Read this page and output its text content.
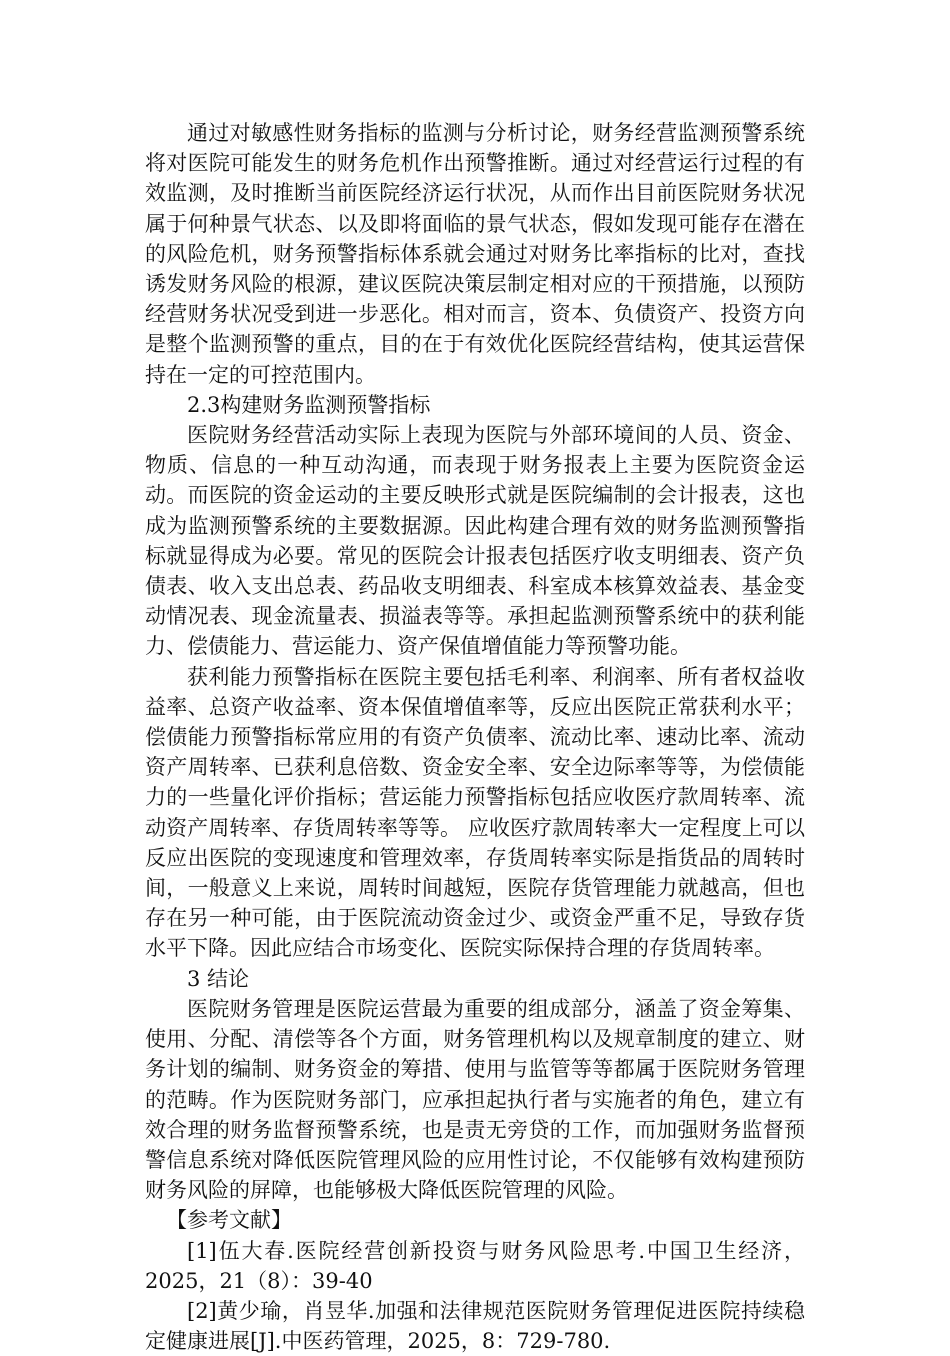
通过对敏感性财务指标的监测与分析讨论，财务经营监测预警系统将对医院可能发生的财务危机作出预警推断。通过对经营运行过程的有效监测，及时推断当前医院经济运行状况，从而作出目前医院财务状况属于何种景气状态、以及即将面临的景气状态，假如发现可能存在潜在的风险危机，财务预警指标体系就会通过对财务比率指标的比对，查找诱发财务风险的根源，建议医院决策层制定相对应的干预措施，以预防经营财务状况受到进一步恶化。相对而言，资本、负债资产、投资方向是整个监测预警的重点，目的在于有效优化医院经营结构，使其运营保持在一定的可控范围内。

2.3构建财务监测预警指标

医院财务经营活动实际上表现为医院与外部环境间的人员、资金、物质、信息的一种互动沟通，而表现于财务报表上主要为医院资金运动。而医院的资金运动的主要反映形式就是医院编制的会计报表，这也成为监测预警系统的主要数据源。因此构建合理有效的财务监测预警指标就显得成为必要。常见的医院会计报表包括医疗收支明细表、资产负债表、收入支出总表、药品收支明细表、科室成本核算效益表、基金变动情况表、现金流量表、损溢表等等。承担起监测预警系统中的获利能力、偿债能力、营运能力、资产保值增值能力等预警功能。

获利能力预警指标在医院主要包括毛利率、利润率、所有者权益收益率、总资产收益率、资本保值增值率等，反应出医院正常获利水平；偿债能力预警指标常应用的有资产负债率、流动比率、速动比率、流动资产周转率、已获利息倍数、资金安全率、安全边际率等等，为偿债能力的一些量化评价指标；营运能力预警指标包括应收医疗款周转率、流动资产周转率、存货周转率等等。 应收医疗款周转率大一定程度上可以反应出医院的变现速度和管理效率，存货周转率实际是指货品的周转时间，一般意义上来说，周转时间越短，医院存货管理能力就越高，但也存在另一种可能，由于医院流动资金过少、或资金严重不足，导致存货水平下降。因此应结合市场变化、医院实际保持合理的存货周转率。

3 结论

医院财务管理是医院运营最为重要的组成部分，涵盖了资金筹集、使用、分配、清偿等各个方面，财务管理机构以及规章制度的建立、财务计划的编制、财务资金的筹措、使用与监管等等都属于医院财务管理的范畴。作为医院财务部门，应承担起执行者与实施者的角色，建立有效合理的财务监督预警系统，也是责无旁贷的工作，而加强财务监督预警信息系统对降低医院管理风险的应用性讨论，不仅能够有效构建预防财务风险的屏障，也能够极大降低医院管理的风险。

【参考文献】

[1]伍大春.医院经营创新投资与财务风险思考.中国卫生经济，2025，21（8）：39-40

[2]黄少瑜，肖昱华.加强和法律规范医院财务管理促进医院持续稳定健康进展[J].中医药管理，2025，8：729-780.
